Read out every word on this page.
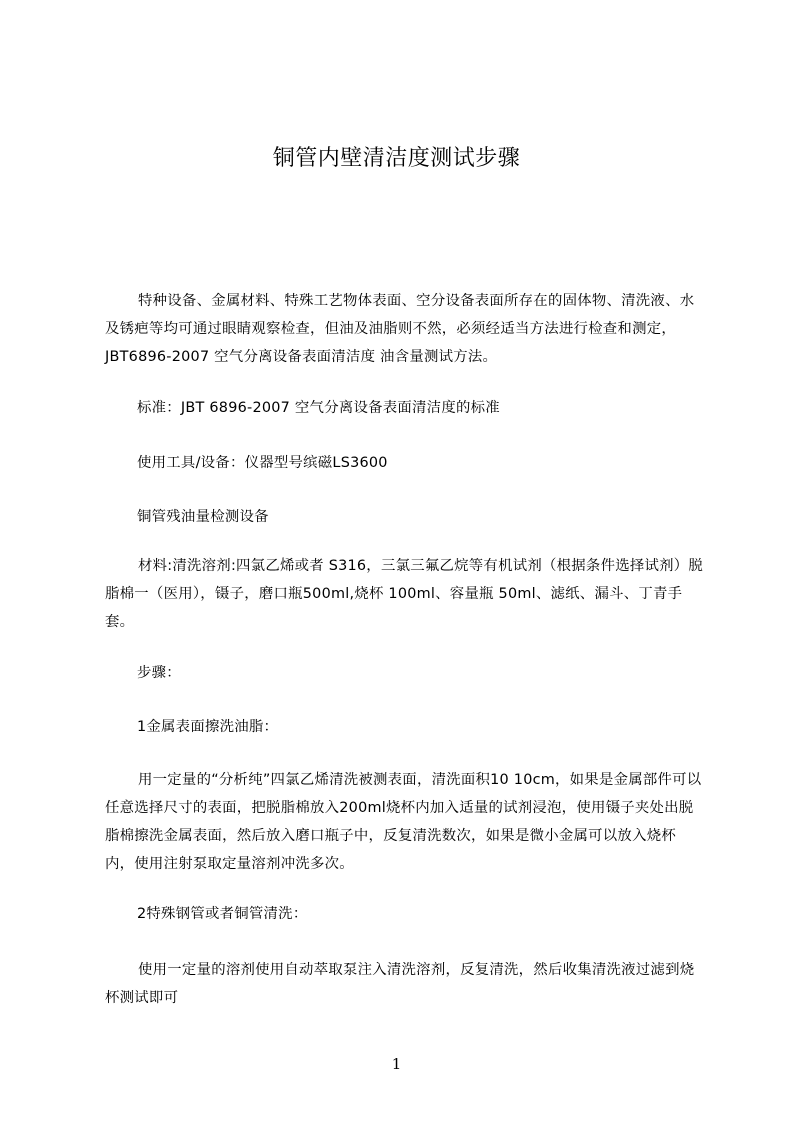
铜管内壁清洁度测试步骤
特种设备、金属材料、特殊工艺物体表面、空分设备表面所存在的固体物、清洗液、水及锈疤等均可通过眼睛观察检查，但油及油脂则不然，必须经适当方法进行检查和测定， JBT6896-2007 空气分离设备表面清洁度 油含量测试方法。
标准：JBT 6896-2007 空气分离设备表面清洁度的标准
使用工具/设备：仪器型号缤磁LS3600
铜管残油量检测设备
材料:清洗溶剂:四氯乙烯或者 S316，三氯三氟乙烷等有机试剂（根据条件选择试剂）脱脂棉一（医用），镊子，磨口瓶500ml,烧杯 100ml、容量瓶 50ml、滤纸、漏斗、丁青手套。
步骤：
1金属表面擦洗油脂：
用一定量的“分析纯”四氯乙烯清洗被测表面，清洗面积10 10cm，如果是金属部件可以任意选择尺寸的表面，把脱脂棉放入200ml烧杯内加入适量的试剂浸泡，使用镊子夹处出脱脂棉擦洗金属表面，然后放入磨口瓶子中，反复清洗数次，如果是微小金属可以放入烧杯内，使用注射泵取定量溶剂冲洗多次。
2特殊钢管或者铜管清洗：
使用一定量的溶剂使用自动萃取泵注入清洗溶剂，反复清洗，然后收集清洗液过滤到烧杯测试即可
1
